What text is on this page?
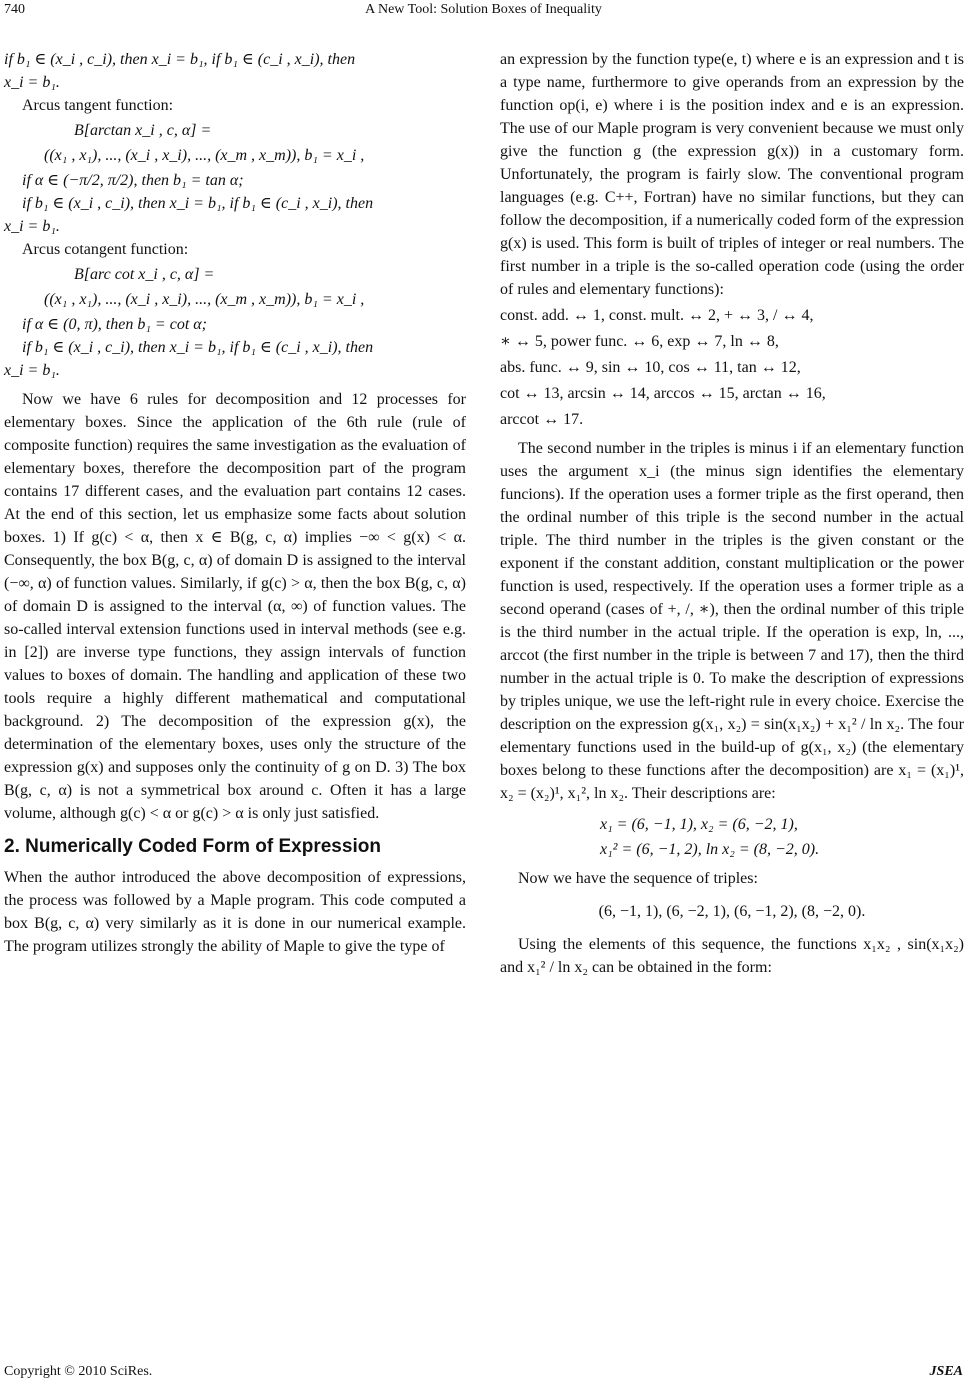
740	A New Tool: Solution Boxes of Inequality

if b₁ ∈ (x_i , c_i), then x_i = b₁, if b₁ ∈ (c_i , x_i), then

x_i = b₁.

Arcus tangent function:

B[arctan x_i , c, α] =

((x₁ , x₁), ..., (x_i , x_i), ..., (x_m , x_m)), b₁ = x_i ,

if α ∈ (−π/2, π/2), then b₁ = tan α;

if b₁ ∈ (x_i , c_i), then x_i = b₁, if b₁ ∈ (c_i , x_i), then

x_i = b₁.

Arcus cotangent function:

B[arc cot x_i , c, α] =

((x₁ , x₁), ..., (x_i , x_i), ..., (x_m , x_m)), b₁ = x_i ,

if α ∈ (0, π), then b₁ = cot α;

if b₁ ∈ (x_i , c_i), then x_i = b₁, if b₁ ∈ (c_i , x_i), then

x_i = b₁.

Now we have 6 rules for decomposition and 12 processes for elementary boxes. Since the application of the 6th rule (rule of composite function) requires the same investigation as the evaluation of elementary boxes, therefore the decomposition part of the program contains 17 different cases, and the evaluation part contains 12 cases. At the end of this section, let us emphasize some facts about solution boxes. 1) If g(c) < α, then x ∈ B(g, c, α) implies −∞ < g(x) < α. Consequently, the box B(g, c, α) of domain D is assigned to the interval (−∞, α) of function values. Similarly, if g(c) > α, then the box B(g, c, α) of domain D is assigned to the interval (α, ∞) of function values. The so-called interval extension functions used in interval methods (see e.g. in [2]) are inverse type functions, they assign intervals of function values to boxes of domain. The handling and application of these two tools require a highly different mathematical and computational background. 2) The decomposition of the expression g(x), the determination of the elementary boxes, uses only the structure of the expression g(x) and supposes only the continuity of g on D. 3) The box B(g, c, α) is not a symmetrical box around c. Often it has a large volume, although g(c) < α or g(c) > α is only just satisfied.

2. Numerically Coded Form of Expression

When the author introduced the above decomposition of expressions, the process was followed by a Maple program. This code computed a box B(g, c, α) very similarly as it is done in our numerical example. The program utilizes strongly the ability of Maple to give the type of

an expression by the function type(e, t) where e is an expression and t is a type name, furthermore to give operands from an expression by the function op(i, e) where i is the position index and e is an expression. The use of our Maple program is very convenient because we must only give the function g (the expression g(x)) in a customary form. Unfortunately, the program is fairly slow. The conventional program languages (e.g. C++, Fortran) have no similar functions, but they can follow the decomposition, if a numerically coded form of the expression g(x) is used. This form is built of triples of integer or real numbers. The first number in a triple is the so-called operation code (using the order of rules and elementary functions):

const. add. ↔ 1, const. mult. ↔ 2, + ↔ 3, / ↔ 4,

∗ ↔ 5, power func. ↔ 6, exp ↔ 7, ln ↔ 8,

abs. func. ↔ 9, sin ↔ 10, cos ↔ 11, tan ↔ 12,

cot ↔ 13, arcsin ↔ 14, arccos ↔ 15, arctan ↔ 16,

arccot ↔ 17.

The second number in the triples is minus i if an elementary function uses the argument x_i (the minus sign identifies the elementary funcions). If the operation uses a former triple as the first operand, then the ordinal number of this triple is the second number in the actual triple. The third number in the triples is the given constant or the exponent if the constant addition, constant multiplication or the power function is used, respectively. If the operation uses a former triple as a second operand (cases of +, /, ∗), then the ordinal number of this triple is the third number in the actual triple. If the operation is exp, ln, ..., arccot (the first number in the triple is between 7 and 17), then the third number in the actual triple is 0. To make the description of expressions by triples unique, we use the left-right rule in every choice. Exercise the description on the expression g(x₁, x₂) = sin(x₁x₂) + x₁² / ln x₂. The four elementary functions used in the build-up of g(x₁, x₂) (the elementary boxes belong to these functions after the decomposition) are x₁ = (x₁)¹, x₂ = (x₂)¹, x₁², ln x₂. Their descriptions are:

x₁ = (6, −1, 1), x₂ = (6, −2, 1),

x₁² = (6, −1, 2), ln x₂ = (8, −2, 0).

Now we have the sequence of triples:

(6, −1, 1), (6, −2, 1), (6, −1, 2), (8, −2, 0).

Using the elements of this sequence, the functions x₁x₂ , sin(x₁x₂) and x₁² / ln x₂ can be obtained in the form:

Copyright © 2010 SciRes.	JSEA
